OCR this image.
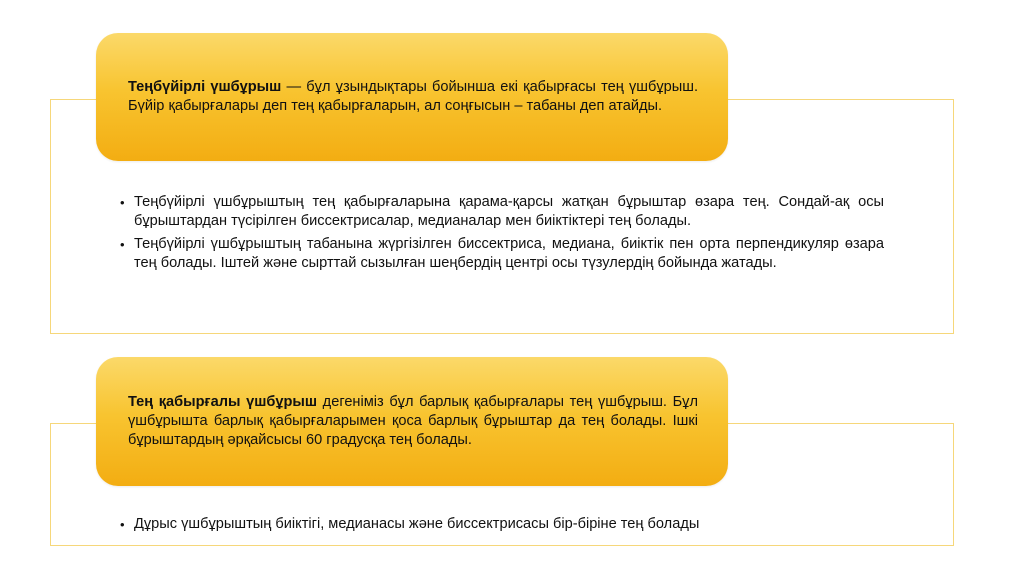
Теңбүйірлі үшбұрыш — бұл ұзындықтары бойынша екі қабырғасы тең үшбұрыш. Бүйір қабырғалары деп тең қабырғаларын, ал соңғысын – табаны деп атайды.

• Теңбүйірлі үшбұрыштың тең қабырғаларына қарама-қарсы жатқан бұрыштар өзара тең. Сондай-ақ осы бұрыштардан түсірілген биссектрисалар, медианалар мен биіктіктері тең болады.
• Теңбүйірлі үшбұрыштың табанына жүргізілген биссектриса, медиана, биіктік пен орта перпендикуляр өзара тең болады. Іштей және сырттай сызылған шеңбердің центрі осы түзулердің бойында жатады.

Тең қабырғалы үшбұрыш дегеніміз бұл барлық қабырғалары тең үшбұрыш. Бұл үшбұрышта барлық қабырғаларымен қоса барлық бұрыштар да тең болады. Ішкі бұрыштардың әрқайсысы 60 градусқа тең болады.

• Дұрыс үшбұрыштың биіктігі, медианасы және биссектрисасы бір-біріне тең болады
